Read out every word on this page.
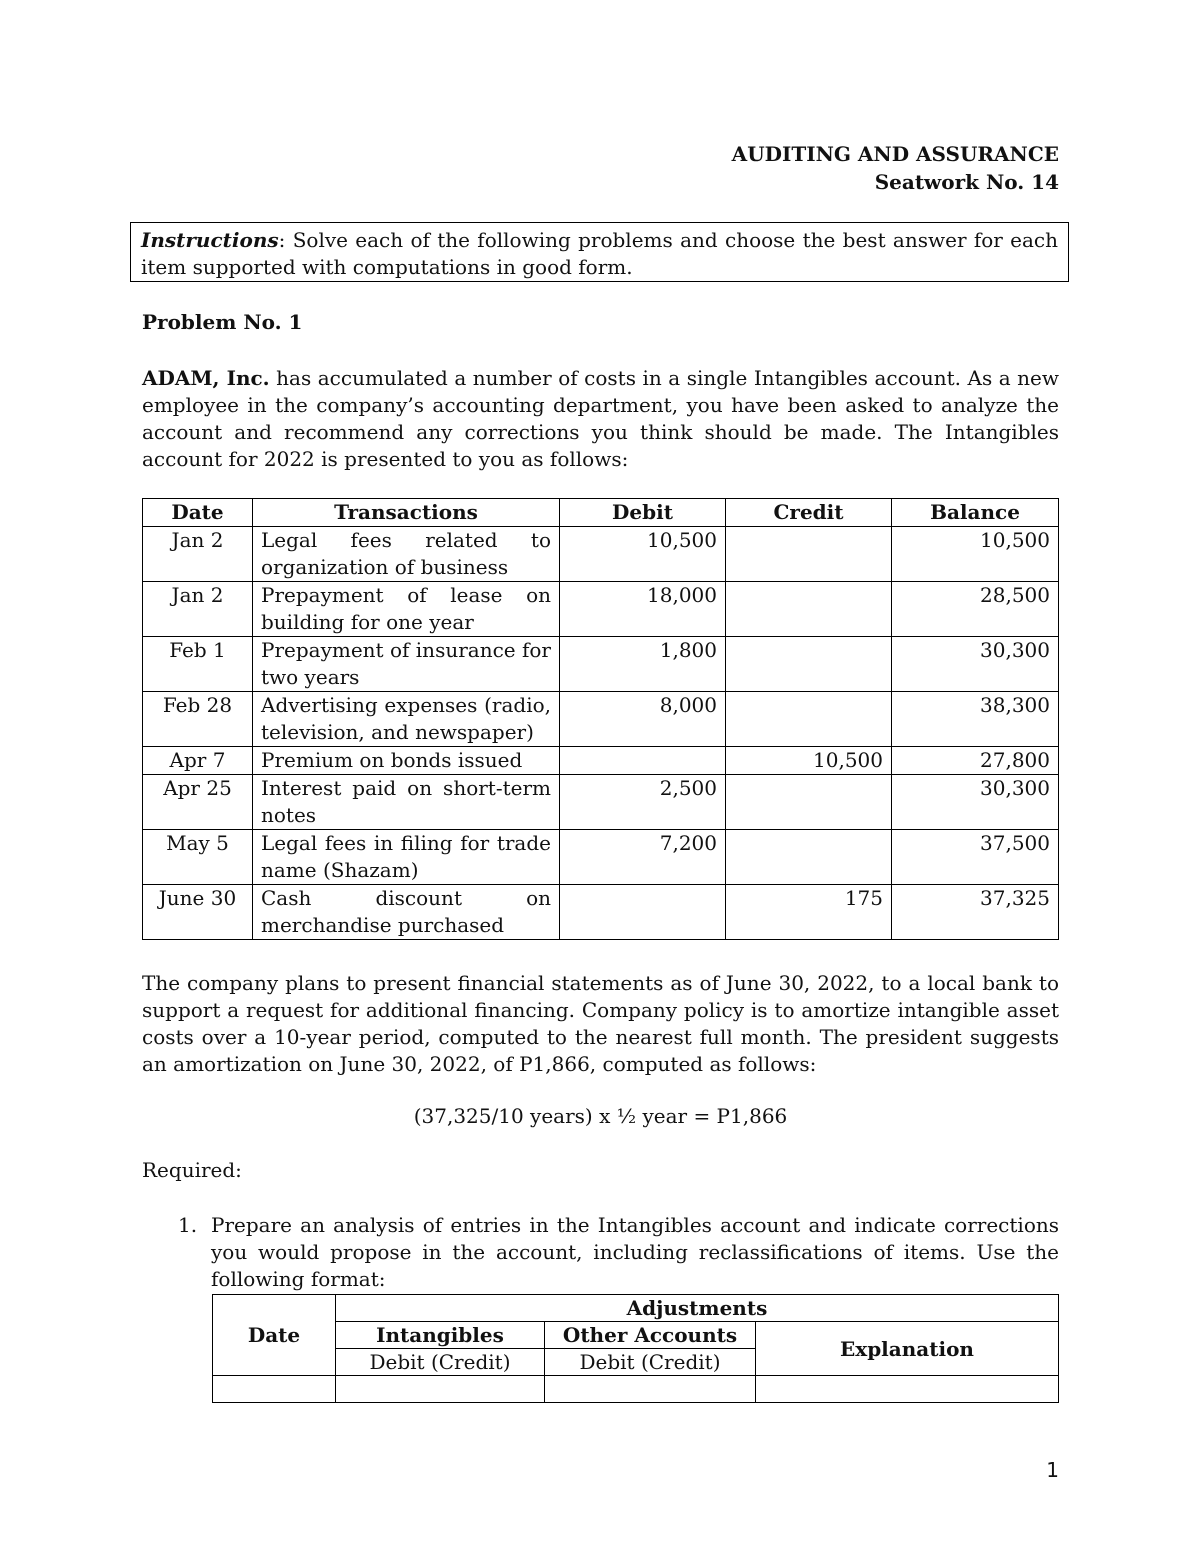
AUDITING AND ASSURANCE
Seatwork No. 14
Instructions: Solve each of the following problems and choose the best answer for each item supported with computations in good form.
Problem No. 1
ADAM, Inc. has accumulated a number of costs in a single Intangibles account. As a new employee in the company’s accounting department, you have been asked to analyze the account and recommend any corrections you think should be made. The Intangibles account for 2022 is presented to you as follows:
Date	Transactions	Debit	Credit	Balance
Jan 2	Legal fees related to organization of business	10,500		10,500
Jan 2	Prepayment of lease on building for one year	18,000		28,500
Feb 1	Prepayment of insurance for two years	1,800		30,300
Feb 28	Advertising expenses (radio, television, and newspaper)	8,000		38,300
Apr 7	Premium on bonds issued		10,500	27,800
Apr 25	Interest paid on short-term notes	2,500		30,300
May 5	Legal fees in filing for trade name (Shazam)	7,200		37,500
June 30	Cash discount on merchandise purchased		175	37,325
The company plans to present financial statements as of June 30, 2022, to a local bank to support a request for additional financing. Company policy is to amortize intangible asset costs over a 10-year period, computed to the nearest full month. The president suggests an amortization on June 30, 2022, of P1,866, computed as follows:
(37,325/10 years) x ½ year = P1,866
Required:
1. Prepare an analysis of entries in the Intangibles account and indicate corrections you would propose in the account, including reclassifications of items. Use the following format:
Date	Adjustments		
	Intangibles	Other Accounts	Explanation
	Debit (Credit)	Debit (Credit)	

1
